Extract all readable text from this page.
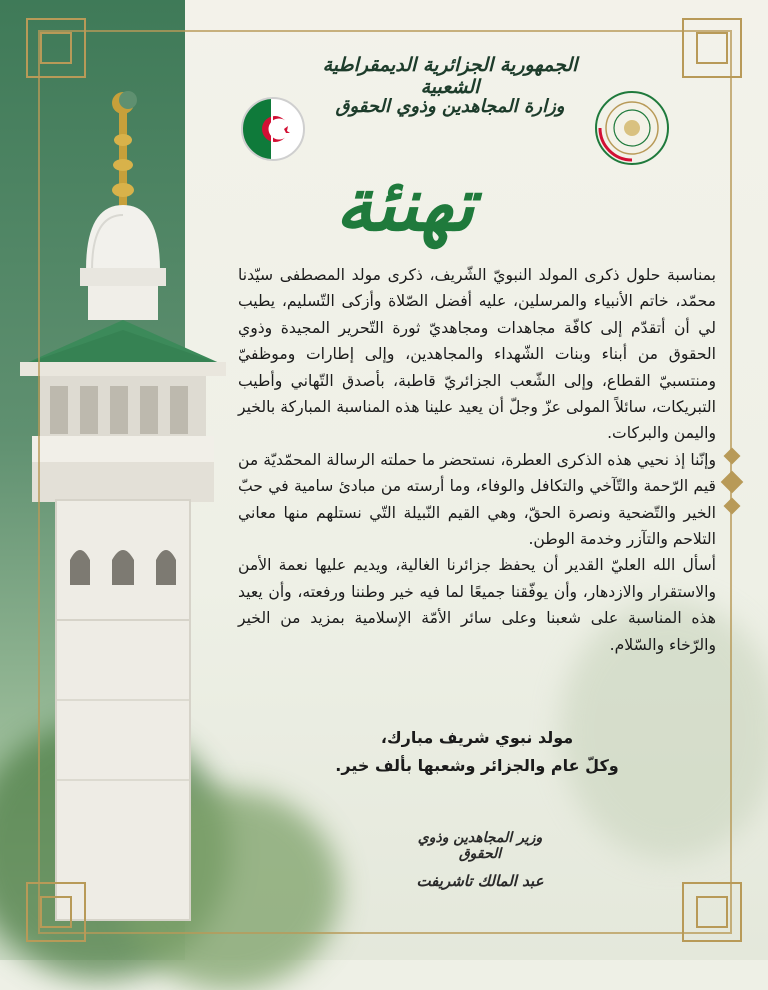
الجمهورية الجزائرية الديمقراطية الشعبية
وزارة المجاهدين وذوي الحقوق
تهنئة

بمناسبة حلول ذكرى المولد النبويّ الشّريف، ذكرى مولد المصطفى سيّدنا محمّد، خاتم الأنبياء والمرسلين، عليه أفضل الصّلاة وأزكى التّسليم، يطيب لي أن أتقدّم إلى كافّة مجاهدات ومجاهديّ ثورة التّحرير المجيدة وذوي الحقوق من أبناء وبنات الشّهداء والمجاهدين، وإلى إطارات وموظفيّ ومنتسبيّ القطاع، وإلى الشّعب الجزائريّ قاطبة، بأصدق التّهاني وأطيب التبريكات، سائلاً المولى عزّ وجلّ أن يعيد علينا هذه المناسبة المباركة بالخير واليمن والبركات.

وإنّنا إذ نحيي هذه الذكرى العطرة، نستحضر ما حملته الرسالة المحمّديّة من قيم الرّحمة والتّآخي والتكافل والوفاء، وما أرسته من مبادئ سامية في حبّ الخير والتّضحية ونصرة الحقّ، وهي القيم النّبيلة التّي نستلهم منها معاني التلاحم والتآزر وخدمة الوطن.

أسأل الله العليّ القدير أن يحفظ جزائرنا الغالية، ويديم عليها نعمة الأمن والاستقرار والازدهار، وأن يوفّقنا جميعًا لما فيه خير وطننا ورفعته، وأن يعيد هذه المناسبة على شعبنا وعلى سائر الأمّة الإسلامية بمزيد من الخير والرّخاء والسّلام.

مولد نبوي شريف مبارك،
وكلّ عام والجزائر وشعبها بألف خير.
وزير المجاهدين وذوي الحقوق
عبد المالك تاشريفت
